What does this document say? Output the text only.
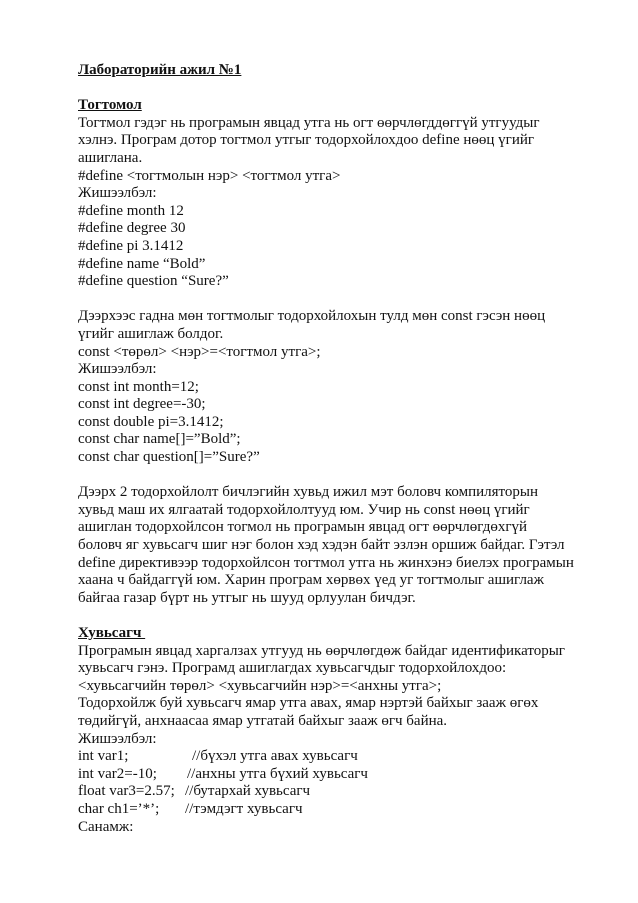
Лабораторийн ажил №1
Тогтомол
Тогтмол гэдэг нь програмын явцад утга нь огт өөрчлөгддөггүй утгуудыг
хэлнэ. Програм дотор тогтмол утгыг тодорхойлохдоо define нөөц үгийг
ашиглана.
#define <тогтмолын нэр> <тогтмол утга>
Жишээлбэл:
#define month 12
#define degree 30
#define pi 3.1412
#define name “Bold”
#define question “Sure?”
Дээрхээс гадна мөн тогтмолыг тодорхойлохын тулд мөн const гэсэн нөөц
үгийг ашиглаж болдог.
const <төрөл> <нэр>=<тогтмол утга>;
Жишээлбэл:
const int month=12;
const int degree=-30;
const double pi=3.1412;
const char name[]=”Bold”;
const char question[]=”Sure?”
Дээрх 2 тодорхойлолт бичлэгийн хувьд ижил мэт боловч компиляторын
хувьд маш их ялгаатай тодорхойлолтууд юм. Учир нь const нөөц үгийг
ашиглан тодорхойлсон тогмол нь програмын явцад огт өөрчлөгдөхгүй
боловч яг хувьсагч шиг нэг болон хэд хэдэн байт эзлэн оршиж байдаг. Гэтэл
define директивээр тодорхойлсон тогтмол утга нь жинхэнэ биелэх програмын
хаана ч байдаггүй юм. Харин програм хөрвөх үед уг тогтмолыг ашиглаж
байгаа газар бүрт нь утгыг нь шууд орлуулан бичдэг.
Хувьсагч
Програмын явцад харгалзах утгууд нь өөрчлөгдөж байдаг идентификаторыг
хувьсагч гэнэ. Програмд ашиглагдах хувьсагчдыг тодорхойлохдоо:
<хувьсагчийн төрөл> <хувьсагчийн нэр>=<анхны утга>;
Тодорхойлж буй хувьсагч ямар утга авах, ямар нэртэй байхыг зааж өгөх
төдийгүй, анхнаасаа ямар утгатай байхыг зааж өгч байна.
Жишээлбэл:
int var1;	//бүхэл утга авах хувьсагч
int var2=-10;	//анхны утга бүхий хувьсагч
float var3=2.57; //бутархай хувьсагч
char ch1=’*’;	//тэмдэгт хувьсагч
Санамж:
